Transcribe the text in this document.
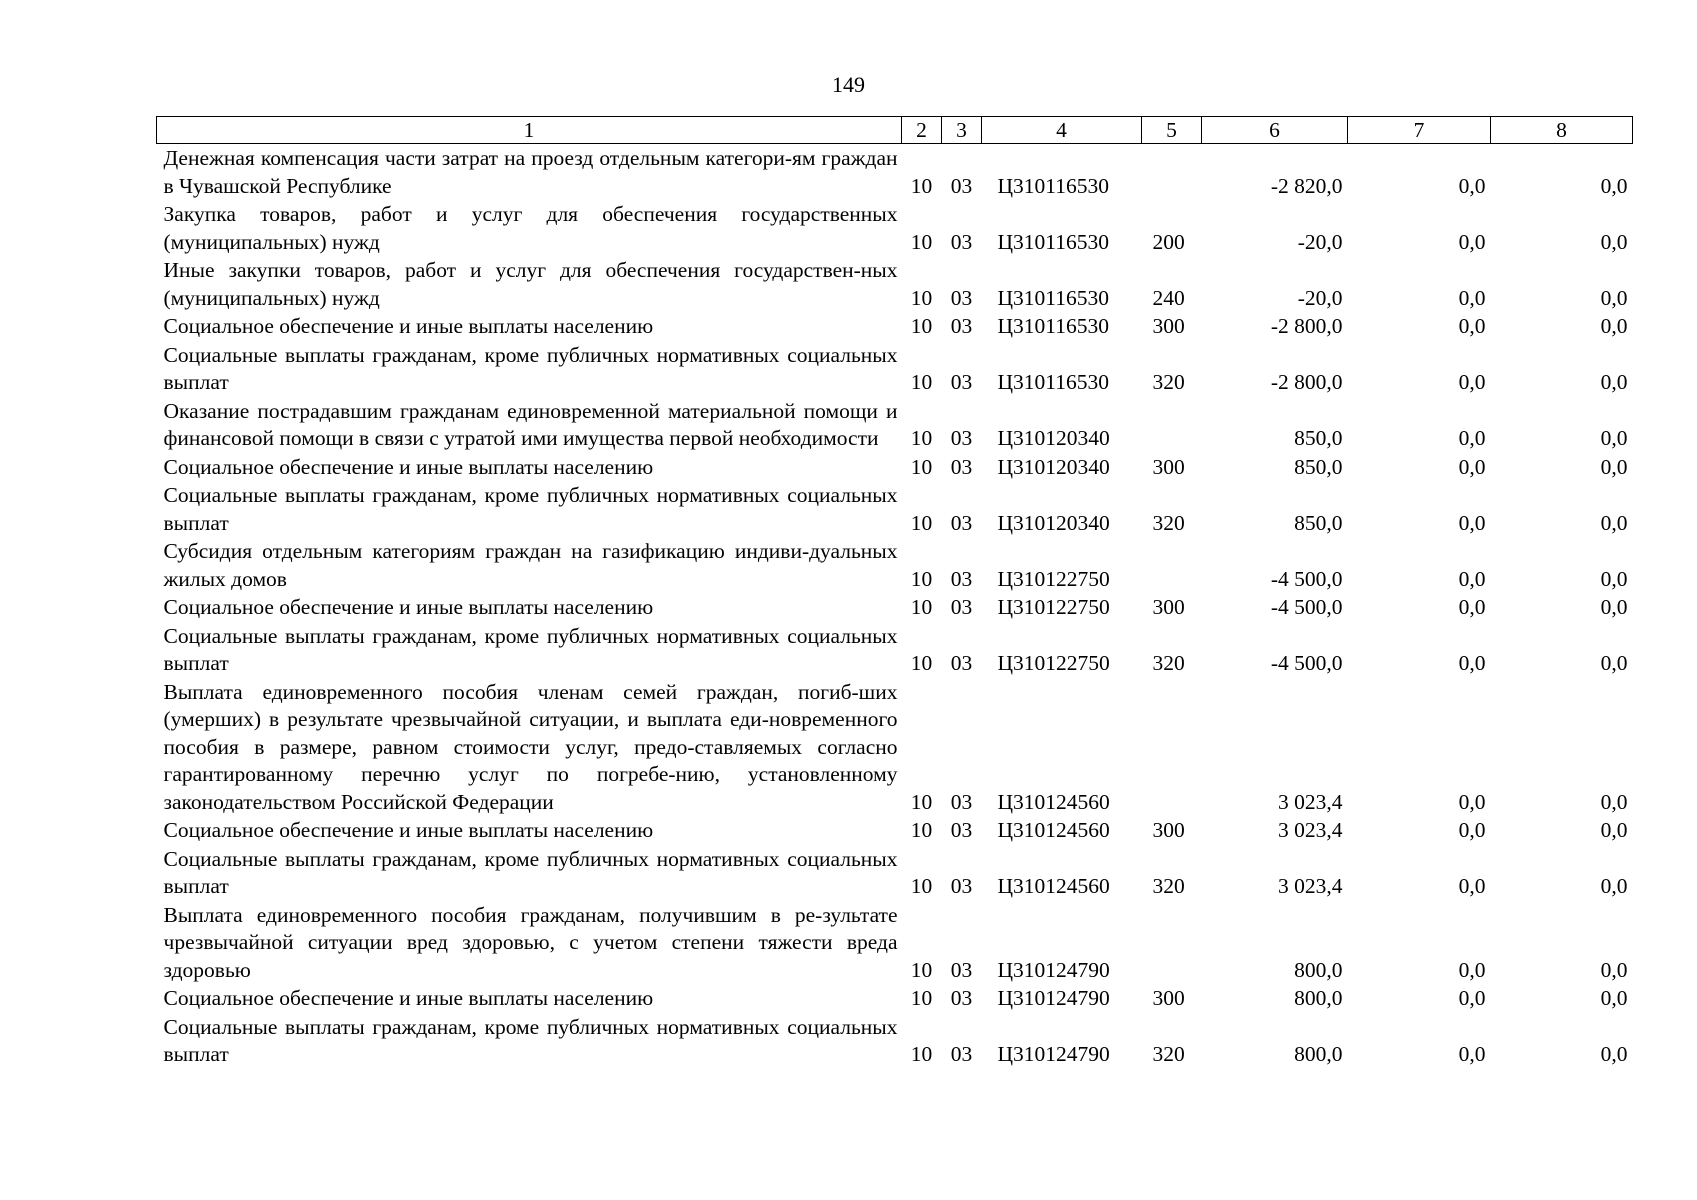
149
1	2	3	4	5	6	7	8
Денежная компенсация части затрат на проезд отдельным категори-ям граждан в Чувашской Республике	10	03	Ц310116530		-2 820,0	0,0	0,0
Закупка товаров, работ и услуг для обеспечения государственных (муниципальных) нужд	10	03	Ц310116530	200	-20,0	0,0	0,0
Иные закупки товаров, работ и услуг для обеспечения государствен-ных (муниципальных) нужд	10	03	Ц310116530	240	-20,0	0,0	0,0
Социальное обеспечение и иные выплаты населению	10	03	Ц310116530	300	-2 800,0	0,0	0,0
Социальные выплаты гражданам, кроме публичных нормативных социальных выплат	10	03	Ц310116530	320	-2 800,0	0,0	0,0
Оказание пострадавшим гражданам единовременной материальной помощи и финансовой помощи в связи с утратой ими имущества первой необходимости	10	03	Ц310120340		850,0	0,0	0,0
Социальное обеспечение и иные выплаты населению	10	03	Ц310120340	300	850,0	0,0	0,0
Социальные выплаты гражданам, кроме публичных нормативных социальных выплат	10	03	Ц310120340	320	850,0	0,0	0,0
Субсидия отдельным категориям граждан на газификацию индиви-дуальных жилых домов	10	03	Ц310122750		-4 500,0	0,0	0,0
Социальное обеспечение и иные выплаты населению	10	03	Ц310122750	300	-4 500,0	0,0	0,0
Социальные выплаты гражданам, кроме публичных нормативных социальных выплат	10	03	Ц310122750	320	-4 500,0	0,0	0,0
Выплата единовременного пособия членам семей граждан, погиб-ших (умерших) в результате чрезвычайной ситуации, и выплата еди-новременного пособия в размере, равном стоимости услуг, предо-ставляемых согласно гарантированному перечню услуг по погребе-нию, установленному законодательством Российской Федерации	10	03	Ц310124560		3 023,4	0,0	0,0
Социальное обеспечение и иные выплаты населению	10	03	Ц310124560	300	3 023,4	0,0	0,0
Социальные выплаты гражданам, кроме публичных нормативных социальных выплат	10	03	Ц310124560	320	3 023,4	0,0	0,0
Выплата единовременного пособия гражданам, получившим в ре-зультате чрезвычайной ситуации вред здоровью, с учетом степени тяжести вреда здоровью	10	03	Ц310124790		800,0	0,0	0,0
Социальное обеспечение и иные выплаты населению	10	03	Ц310124790	300	800,0	0,0	0,0
Социальные выплаты гражданам, кроме публичных нормативных социальных выплат	10	03	Ц310124790	320	800,0	0,0	0,0
